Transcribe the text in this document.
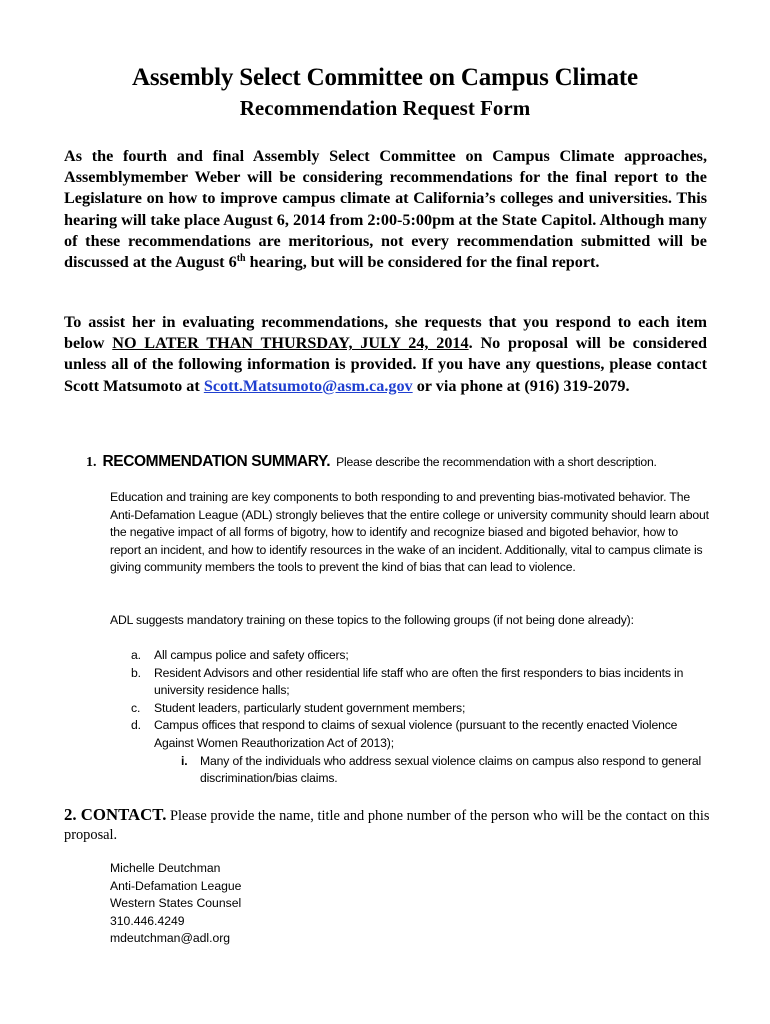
Assembly Select Committee on Campus Climate
Recommendation Request Form

As the fourth and final Assembly Select Committee on Campus Climate approaches, Assemblymember Weber will be considering recommendations for the final report to the Legislature on how to improve campus climate at California’s colleges and universities. This hearing will take place August 6, 2014 from 2:00-5:00pm at the State Capitol. Although many of these recommendations are meritorious, not every recommendation submitted will be discussed at the August 6th hearing, but will be considered for the final report.

To assist her in evaluating recommendations, she requests that you respond to each item below NO LATER THAN THURSDAY, JULY 24, 2014. No proposal will be considered unless all of the following information is provided. If you have any questions, please contact Scott Matsumoto at Scott.Matsumoto@asm.ca.gov or via phone at (916) 319-2079.

1. RECOMMENDATION SUMMARY. Please describe the recommendation with a short description.

Education and training are key components to both responding to and preventing bias-motivated behavior. The Anti-Defamation League (ADL) strongly believes that the entire college or university community should learn about the negative impact of all forms of bigotry, how to identify and recognize biased and bigoted behavior, how to report an incident, and how to identify resources in the wake of an incident. Additionally, vital to campus climate is giving community members the tools to prevent the kind of bias that can lead to violence.

ADL suggests mandatory training on these topics to the following groups (if not being done already):

a. All campus police and safety officers;
b. Resident Advisors and other residential life staff who are often the first responders to bias incidents in university residence halls;
c. Student leaders, particularly student government members;
d. Campus offices that respond to claims of sexual violence (pursuant to the recently enacted Violence Against Women Reauthorization Act of 2013);
i. Many of the individuals who address sexual violence claims on campus also respond to general discrimination/bias claims.

2. CONTACT. Please provide the name, title and phone number of the person who will be the contact on this proposal.

Michelle Deutchman
Anti-Defamation League
Western States Counsel
310.446.4249
mdeutchman@adl.org
